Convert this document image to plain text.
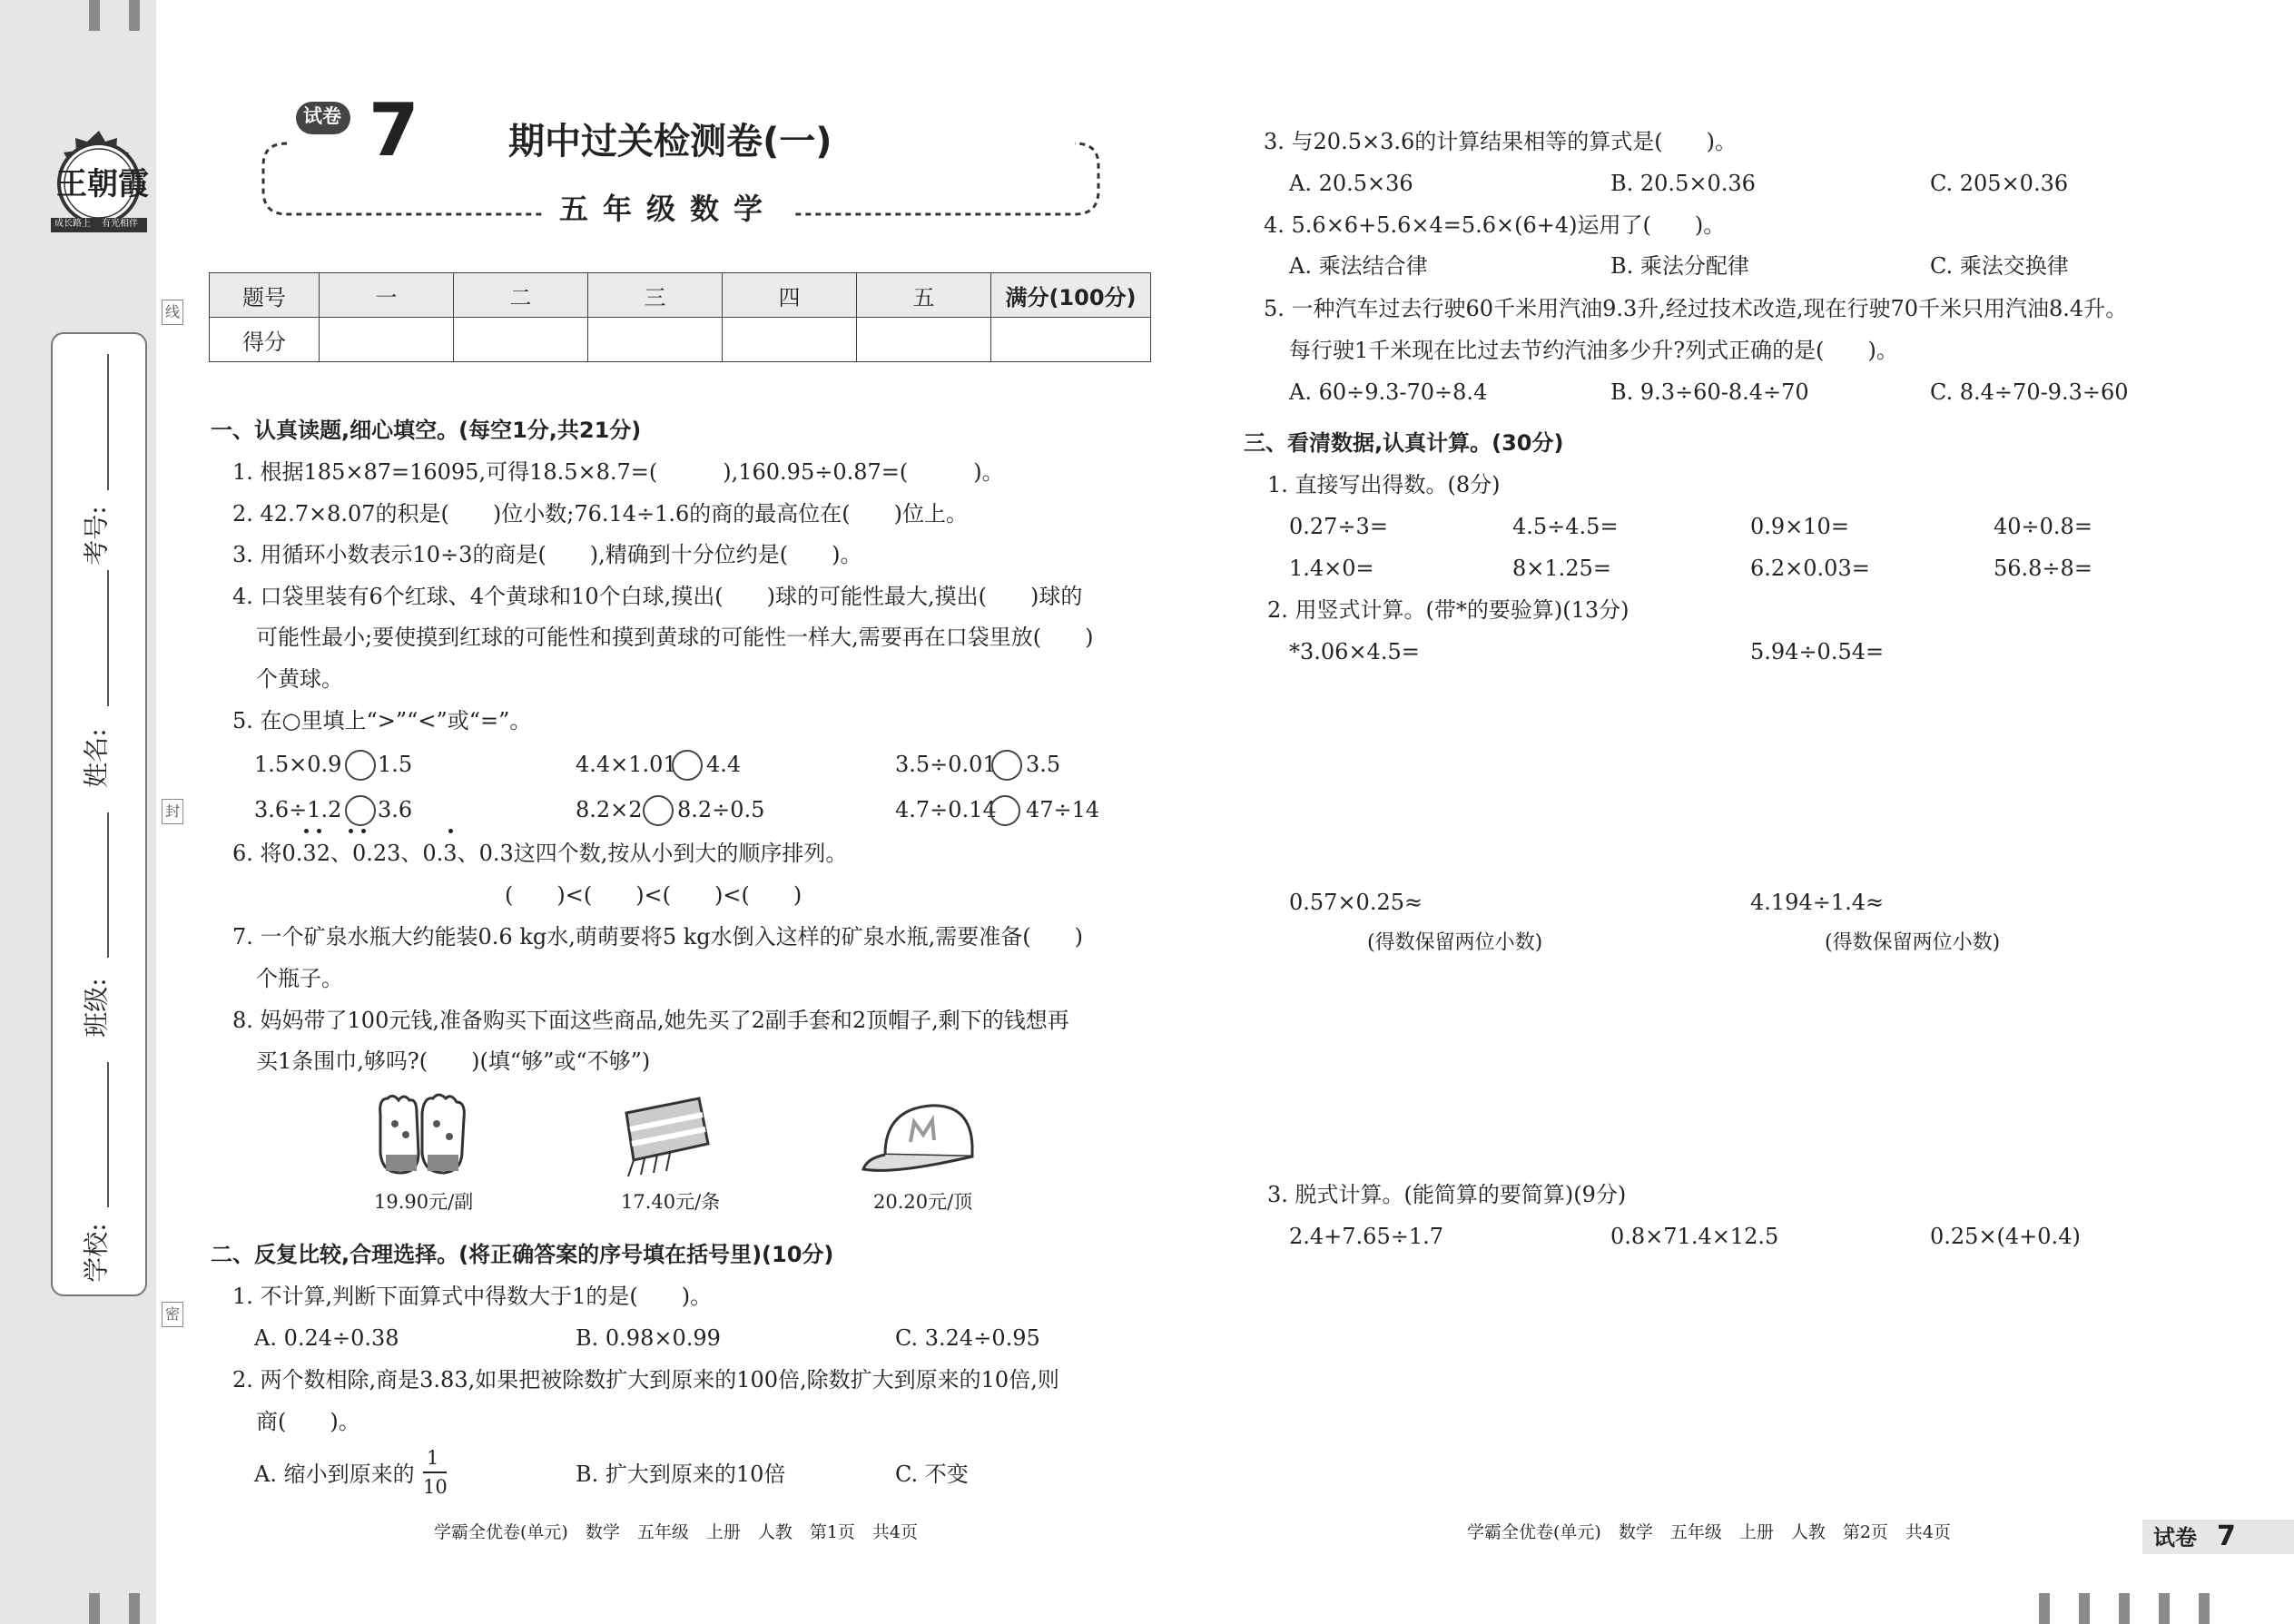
王朝霞
成长路上 有光相伴
线
封
密
考号:
姓名:
班级:
学校:
试卷 7	期中过关检测卷(一)
五年级数学
题号	一	二	三	四	五	满分(100分)
得分						
一、认真读题,细心填空。(每空1分,共21分)
1. 根据185×87=16095,可得18.5×8.7=(　　　),160.95÷0.87=(　　　)。
2. 42.7×8.07的积是(　　)位小数;76.14÷1.6的商的最高位在(　　)位上。
3. 用循环小数表示10÷3的商是(　　),精确到十分位约是(　　)。
4. 口袋里装有6个红球、4个黄球和10个白球,摸出(　　)球的可能性最大,摸出(　　)球的
可能性最小;要使摸到红球的可能性和摸到黄球的可能性一样大,需要再在口袋里放(　　)
个黄球。
5. 在○里填上“>”“<”或“=”。
1.5×0.9 1.5	4.4×1.01 4.4	3.5÷0.01 3.5
3.6÷1.2 3.6	8.2×2 8.2÷0.5	4.7÷0.14 47÷14
6. 将0.32、0.23、0.3、0.3这四个数,按从小到大的顺序排列。
(　　)<(　　)<(　　)<(　　)
7. 一个矿泉水瓶大约能装0.6 kg水,萌萌要将5 kg水倒入这样的矿泉水瓶,需要准备(　　)
个瓶子。
8. 妈妈带了100元钱,准备购买下面这些商品,她先买了2副手套和2顶帽子,剩下的钱想再
买1条围巾,够吗?(　　)(填“够”或“不够”)
19.90元/副	17.40元/条	20.20元/顶
二、反复比较,合理选择。(将正确答案的序号填在括号里)(10分)
1. 不计算,判断下面算式中得数大于1的是(　　)。
A. 0.24÷0.38	B. 0.98×0.99	C. 3.24÷0.95
2. 两个数相除,商是3.83,如果把被除数扩大到原来的100倍,除数扩大到原来的10倍,则
商(　　)。
A. 缩小到原来的
1
10	B. 扩大到原来的10倍	C. 不变
学霸全优卷(单元)　数学　五年级　上册　人教　第1页　共4页
3. 与20.5×3.6的计算结果相等的算式是(　　)。
A. 20.5×36	B. 20.5×0.36	C. 205×0.36
4. 5.6×6+5.6×4=5.6×(6+4)运用了(　　)。
A. 乘法结合律	B. 乘法分配律	C. 乘法交换律
5. 一种汽车过去行驶60千米用汽油9.3升,经过技术改造,现在行驶70千米只用汽油8.4升。
每行驶1千米现在比过去节约汽油多少升?列式正确的是(　　)。
A. 60÷9.3-70÷8.4	B. 9.3÷60-8.4÷70	C. 8.4÷70-9.3÷60
三、看清数据,认真计算。(30分)
1. 直接写出得数。(8分)
0.27÷3=	4.5÷4.5=	0.9×10=	40÷0.8=
1.4×0=	8×1.25=	6.2×0.03=	56.8÷8=
2. 用竖式计算。(带*的要验算)(13分)
*3.06×4.5=	5.94÷0.54=
0.57×0.25≈	4.194÷1.4≈
(得数保留两位小数)	(得数保留两位小数)
3. 脱式计算。(能简算的要简算)(9分)
2.4+7.65÷1.7	0.8×71.4×12.5	0.25×(4+0.4)
学霸全优卷(单元)　数学　五年级　上册　人教　第2页　共4页	试卷 7
